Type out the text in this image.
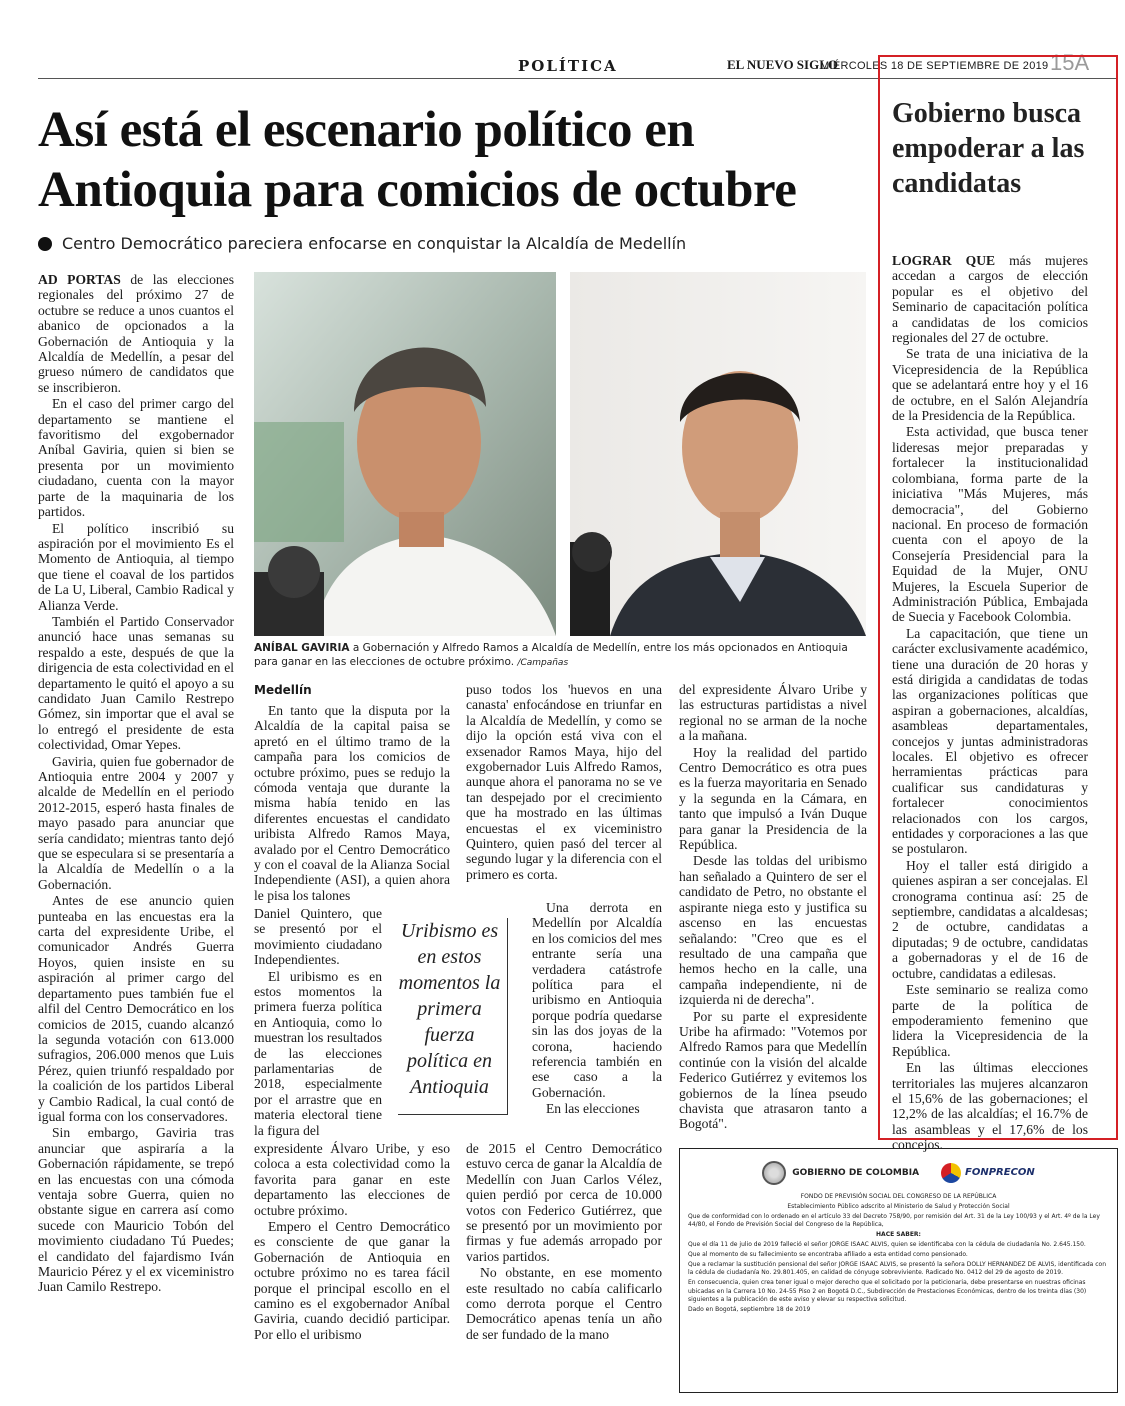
POLÍTICA	EL NUEVO SIGLO
MIÉRCOLES 18 DE SEPTIEMBRE DE 2019 15A
Así está el escenario político en Antioquia para comicios de octubre
Centro Democrático pareciera enfocarse en conquistar la Alcaldía de Medellín

AD PORTAS de las elecciones regionales del próximo 27 de octubre se reduce a unos cuantos el abanico de opcionados a la Gobernación de Antioquia y la Alcaldía de Medellín, a pesar del grueso número de candidatos que se inscribieron.

En el caso del primer cargo del departamento se mantiene el favoritismo del exgobernador Aníbal Gaviria, quien si bien se presenta por un movimiento ciudadano, cuenta con la mayor parte de la maquinaria de los partidos.

El político inscribió su aspiración por el movimiento Es el Momento de Antioquia, al tiempo que tiene el coaval de los partidos de La U, Liberal, Cambio Radical y Alianza Verde.

También el Partido Conservador anunció hace unas semanas su respaldo a este, después de que la dirigencia de esta colectividad en el departamento le quitó el apoyo a su candidato Juan Camilo Restrepo Gómez, sin importar que el aval se lo entregó el presidente de esta colectividad, Omar Yepes.

Gaviria, quien fue gobernador de Antioquia entre 2004 y 2007 y alcalde de Medellín en el periodo 2012-2015, esperó hasta finales de mayo pasado para anunciar que sería candidato; mientras tanto dejó que se especulara si se presentaría a la Alcaldía de Medellín o a la Gobernación.

Antes de ese anuncio quien punteaba en las encuestas era la carta del expresidente Uribe, el comunicador Andrés Guerra Hoyos, quien insiste en su aspiración al primer cargo del departamento pues también fue el alfil del Centro Democrático en los comicios de 2015, cuando alcanzó la segunda votación con 613.000 sufragios, 206.000 menos que Luis Pérez, quien triunfó respaldado por la coalición de los partidos Liberal y Cambio Radical, la cual contó de igual forma con los conservadores.

Sin embargo, Gaviria tras anunciar que aspiraría a la Gobernación rápidamente, se trepó en las encuestas con una cómoda ventaja sobre Guerra, quien no obstante sigue en carrera así como sucede con Mauricio Tobón del movimiento ciudadano Tú Puedes; el candidato del fajardismo Iván Mauricio Pérez y el ex viceministro Juan Camilo Restrepo.

ANÍBAL GAVIRIA a Gobernación y Alfredo Ramos a Alcaldía de Medellín, entre los más opcionados en Antioquia para ganar en las elecciones de octubre próximo. /Campañas
Medellín

En tanto que la disputa por la Alcaldía de la capital paisa se apretó en el último tramo de la campaña para los comicios de octubre próximo, pues se redujo la cómoda ventaja que durante la misma había tenido en las diferentes encuestas el candidato uribista Alfredo Ramos Maya, avalado por el Centro Democrático y con el coaval de la Alianza Social Independiente (ASI), a quien ahora le pisa los talones

Daniel Quintero, que se presentó por el movimiento ciudadano Independientes.

El uribismo es en estos momentos la primera fuerza política en Antioquia, como lo muestran los resultados de las elecciones parlamentarias de 2018, especialmente por el arrastre que en materia electoral tiene la figura del

expresidente Álvaro Uribe, y eso coloca a esta colectividad como la favorita para ganar en este departamento las elecciones de octubre próximo.

Empero el Centro Democrático es consciente de que ganar la Gobernación de Antioquia en octubre próximo no es tarea fácil porque el principal escollo en el camino es el exgobernador Aníbal Gaviria, cuando decidió participar. Por ello el uribismo

Uribismo es en estos momentos la primera fuerza política en Antioquia

puso todos los 'huevos en una canasta' enfocándose en triunfar en la Alcaldía de Medellín, y como se dijo la opción está viva con el exsenador Ramos Maya, hijo del exgobernador Luis Alfredo Ramos, aunque ahora el panorama no se ve tan despejado por el crecimiento que ha mostrado en las últimas encuestas el ex viceministro Quintero, quien pasó del tercer al segundo lugar y la diferencia con el primero es corta.

Una derrota en Medellín por Alcaldía en los comicios del mes entrante sería una verdadera catástrofe política para el uribismo en Antioquia porque podría quedarse sin las dos joyas de la corona, haciendo referencia también en ese caso a la Gobernación.

En las elecciones

de 2015 el Centro Democrático estuvo cerca de ganar la Alcaldía de Medellín con Juan Carlos Vélez, quien perdió por cerca de 10.000 votos con Federico Gutiérrez, que se presentó por un movimiento por firmas y fue además arropado por varios partidos.

No obstante, en ese momento este resultado no cabía calificarlo como derrota porque el Centro Democrático apenas tenía un año de ser fundado de la mano

del expresidente Álvaro Uribe y las estructuras partidistas a nivel regional no se arman de la noche a la mañana.

Hoy la realidad del partido Centro Democrático es otra pues es la fuerza mayoritaria en Senado y la segunda en la Cámara, en tanto que impulsó a Iván Duque para ganar la Presidencia de la República.

Desde las toldas del uribismo han señalado a Quintero de ser el candidato de Petro, no obstante el aspirante niega esto y justifica su ascenso en las encuestas señalando: "Creo que es el resultado de una campaña que hemos hecho en la calle, una campaña independiente, ni de izquierda ni de derecha".

Por su parte el expresidente Uribe ha afirmado: "Votemos por Alfredo Ramos para que Medellín continúe con la visión del alcalde Federico Gutiérrez y evitemos los gobiernos de la línea pseudo chavista que atrasaron tanto a Bogotá".

Gobierno busca empoderar a las candidatas

LOGRAR QUE más mujeres accedan a cargos de elección popular es el objetivo del Seminario de capacitación política a candidatas de los comicios regionales del 27 de octubre.

Se trata de una iniciativa de la Vicepresidencia de la República que se adelantará entre hoy y el 16 de octubre, en el Salón Alejandría de la Presidencia de la República.

Esta actividad, que busca tener lideresas mejor preparadas y fortalecer la institucionalidad colombiana, forma parte de la iniciativa "Más Mujeres, más democracia", del Gobierno nacional. En proceso de formación cuenta con el apoyo de la Consejería Presidencial para la Equidad de la Mujer, ONU Mujeres, la Escuela Superior de Administración Pública, Embajada de Suecia y Facebook Colombia.

La capacitación, que tiene un carácter exclusivamente académico, tiene una duración de 20 horas y está dirigida a candidatas de todas las organizaciones políticas que aspiran a gobernaciones, alcaldías, asambleas departamentales, concejos y juntas administradoras locales. El objetivo es ofrecer herramientas prácticas para cualificar sus candidaturas y fortalecer conocimientos relacionados con los cargos, entidades y corporaciones a las que se postularon.

Hoy el taller está dirigido a quienes aspiran a ser concejalas. El cronograma continua así: 25 de septiembre, candidatas a alcaldesas; 2 de octubre, candidatas a diputadas; 9 de octubre, candidatas a gobernadoras y el de 16 de octubre, candidatas a edilesas.

Este seminario se realiza como parte de la política de empoderamiento femenino que lidera la Vicepresidencia de la República.

En las últimas elecciones territoriales las mujeres alcanzaron el 15,6% de las gobernaciones; el 12,2% de las alcaldías; el 16.7% de las asambleas y el 17,6% de los concejos.

GOBIERNO DE COLOMBIA	FONPRECON

FONDO DE PREVISIÓN SOCIAL DEL CONGRESO DE LA REPÚBLICA

Establecimiento Público adscrito al Ministerio de Salud y Protección Social

Que de conformidad con lo ordenado en el artículo 33 del Decreto 758/90, por remisión del Art. 31 de la Ley 100/93 y el Art. 4º de la Ley 44/80, el Fondo de Previsión Social del Congreso de la República,

HACE SABER:

Que el día 11 de julio de 2019 falleció el señor JORGE ISAAC ALVIS, quien se identificaba con la cédula de ciudadanía No. 2.645.150.

Que al momento de su fallecimiento se encontraba afiliado a esta entidad como pensionado.

Que a reclamar la sustitución pensional del señor JORGE ISAAC ALVIS, se presentó la señora DOLLY HERNANDEZ DE ALVIS, identificada con la cédula de ciudadanía No. 29.801.405, en calidad de cónyuge sobreviviente. Radicado No. 0412 del 29 de agosto de 2019.

En consecuencia, quien crea tener igual o mejor derecho que el solicitado por la peticionaria, debe presentarse en nuestras oficinas ubicadas en la Carrera 10 No. 24-55 Piso 2 en Bogotá D.C., Subdirección de Prestaciones Económicas, dentro de los treinta días (30) siguientes a la publicación de este aviso y elevar su respectiva solicitud.

Dado en Bogotá, septiembre 18 de 2019
